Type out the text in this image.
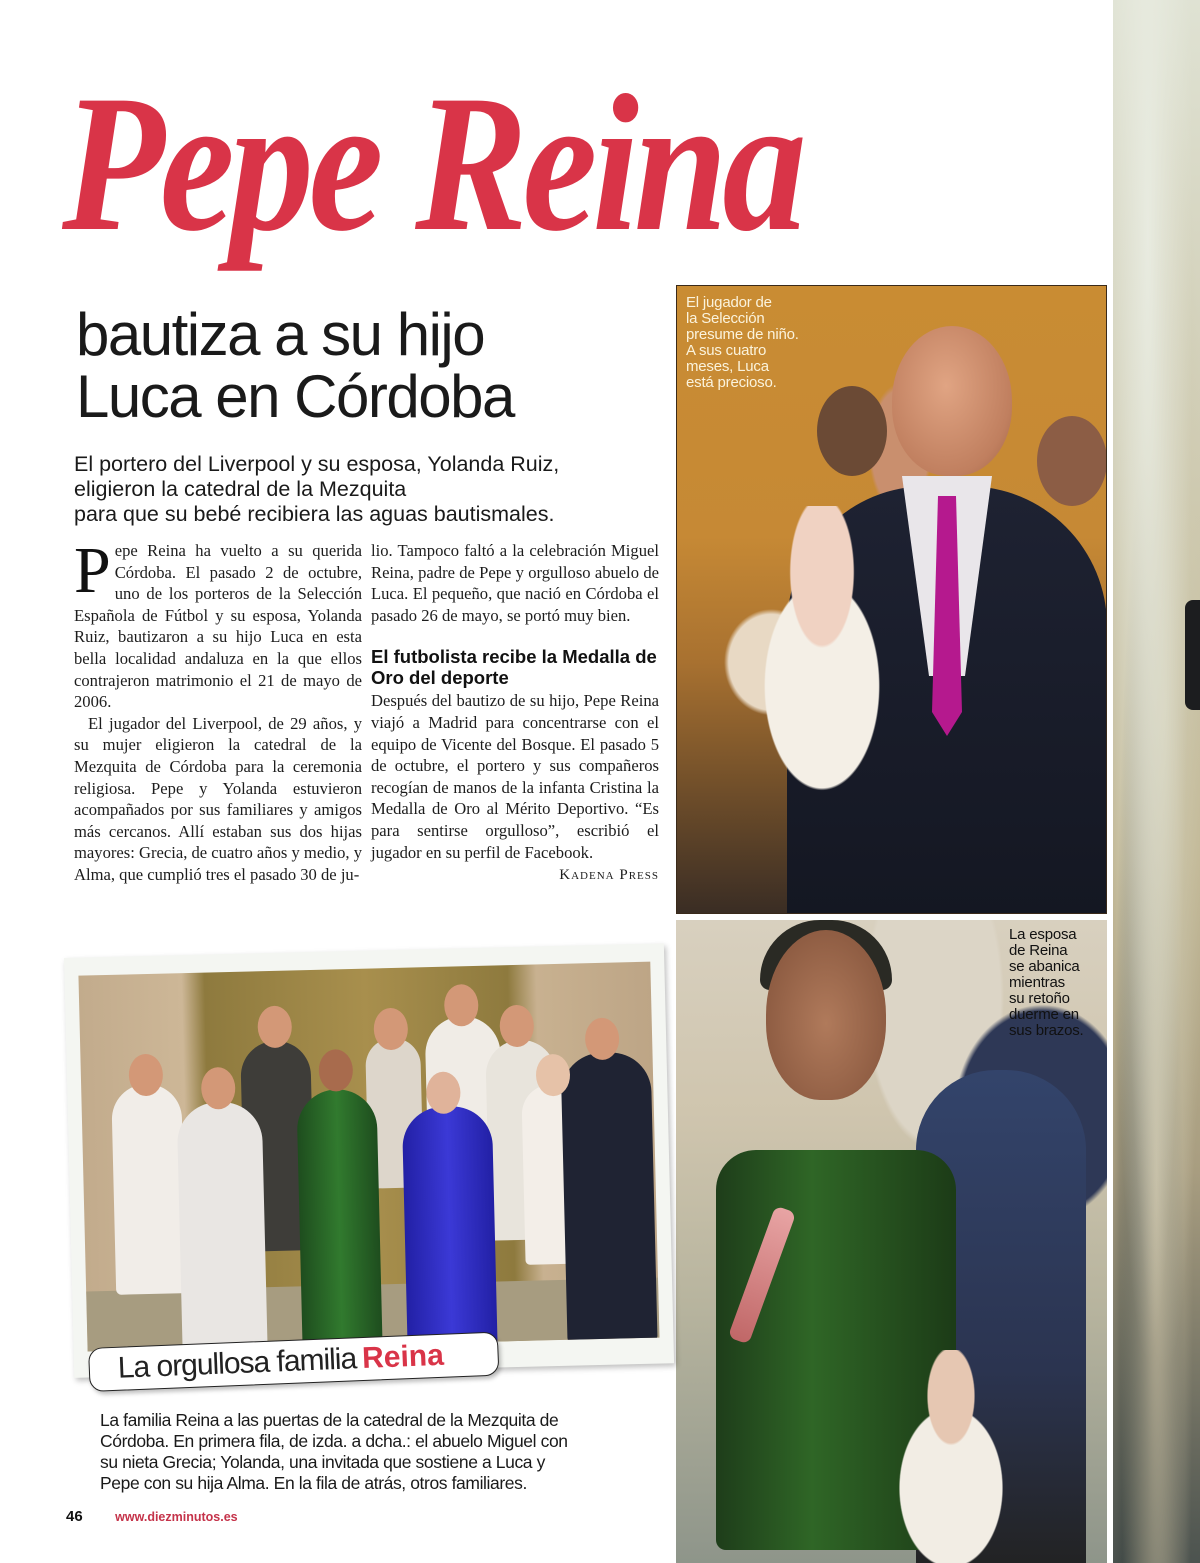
Pepe Reina
bautiza a su hijo
Luca en Córdoba
El portero del Liverpool y su esposa, Yolanda Ruiz,
eligieron la catedral de la Mezquita
para que su bebé recibiera las aguas bautismales.

P epe Reina ha vuelto a su querida Córdoba. El pasado 2 de octubre, uno de los porteros de la Selección Española de Fútbol y su esposa, Yolanda Ruiz, bautizaron a su hijo Luca en esta bella localidad andaluza en la que ellos contrajeron matrimonio el 21 de mayo de 2006.

El jugador del Liverpool, de 29 años, y su mujer eligieron la catedral de la Mezquita de Córdoba para la ceremonia religiosa. Pepe y Yolanda estuvieron acompañados por sus familiares y amigos más cercanos. Allí estaban sus dos hijas mayores: Grecia, de cuatro años y medio, y Alma, que cumplió tres el pasado 30 de ju-

lio. Tampoco faltó a la celebración Miguel Reina, padre de Pepe y orgulloso abuelo de Luca. El pequeño, que nació en Córdoba el pasado 26 de mayo, se portó muy bien.

El futbolista recibe la Medalla de Oro del deporte

Después del bautizo de su hijo, Pepe Reina viajó a Madrid para concentrarse con el equipo de Vicente del Bosque. El pasado 5 de octubre, el portero y sus compañeros recogían de manos de la infanta Cristina la Medalla de Oro al Mérito Deportivo. “Es para sentirse orgulloso”, escribió el jugador en su perfil de Facebook.

Kadena Press
El jugador de
la Selección
presume de niño.
A sus cuatro
meses, Luca
está precioso.
La esposa
de Reina
se abanica
mientras
su retoño
duerme en
sus brazos.
La orgullosa familia Reina
La familia Reina a las puertas de la catedral de la Mezquita de
Córdoba. En primera fila, de izda. a dcha.: el abuelo Miguel con
su nieta Grecia; Yolanda, una invitada que sostiene a Luca y
Pepe con su hija Alma. En la fila de atrás, otros familiares.
46	www.diezminutos.es
